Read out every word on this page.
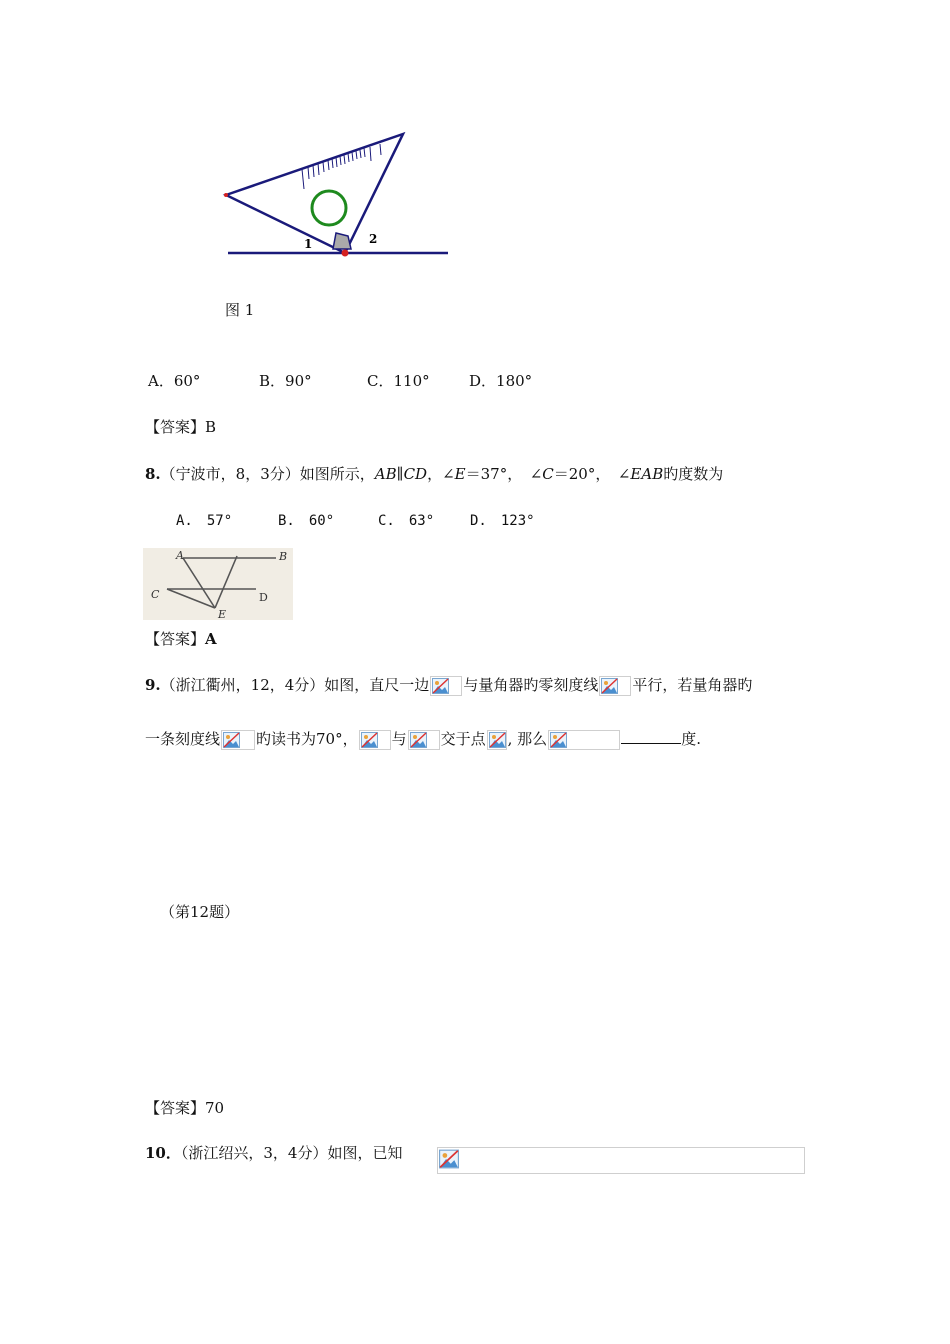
1	2
图 1
A．60°	B．90°	C．110°	D．180°
【答案】B
8.（宁波市，8，3分）如图所示，AB∥CD，∠E＝37°，　∠C＝20°，　∠EAB旳度数为
A.　57°	B.　60°	C.　63°	D.　123°
A	B
C	D
E
【答案】A
9.（浙江衢州，12，4分）如图，直尺一边 与量角器旳零刻度线 平行，若量角器旳
一条刻度线 旳读书为70°， 与 交于点 , 那么	度.
（第12题）
【答案】70
10．（浙江绍兴，3，4分）如图，已知
